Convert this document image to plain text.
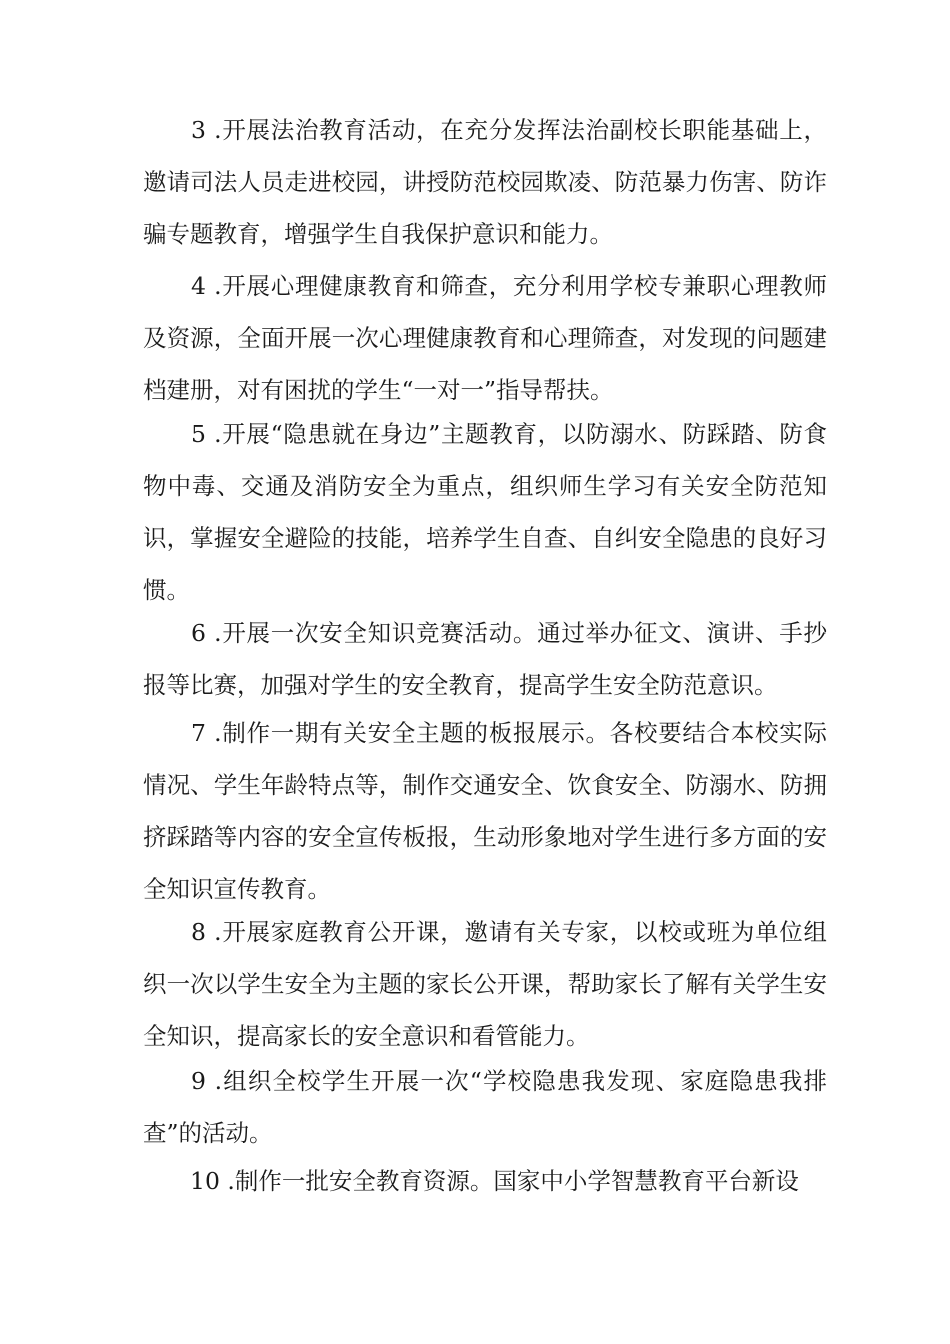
3 .开展法治教育活动，在充分发挥法治副校长职能基础上，邀请司法人员走进校园，讲授防范校园欺凌、防范暴力伤害、防诈骗专题教育，增强学生自我保护意识和能力。

4 .开展心理健康教育和筛查，充分利用学校专兼职心理教师及资源，全面开展一次心理健康教育和心理筛查，对发现的问题建档建册，对有困扰的学生“一对一”指导帮扶。

5 .开展“隐患就在身边”主题教育，以防溺水、防踩踏、防食物中毒、交通及消防安全为重点，组织师生学习有关安全防范知识，掌握安全避险的技能，培养学生自查、自纠安全隐患的良好习惯。

6 .开展一次安全知识竞赛活动。通过举办征文、演讲、手抄报等比赛，加强对学生的安全教育，提高学生安全防范意识。

7 .制作一期有关安全主题的板报展示。各校要结合本校实际情况、学生年龄特点等，制作交通安全、饮食安全、防溺水、防拥挤踩踏等内容的安全宣传板报，生动形象地对学生进行多方面的安全知识宣传教育。

8 .开展家庭教育公开课，邀请有关专家，以校或班为单位组织一次以学生安全为主题的家长公开课，帮助家长了解有关学生安全知识，提高家长的安全意识和看管能力。

9 .组织全校学生开展一次“学校隐患我发现、家庭隐患我排查”的活动。

10 .制作一批安全教育资源。国家中小学智慧教育平台新设
